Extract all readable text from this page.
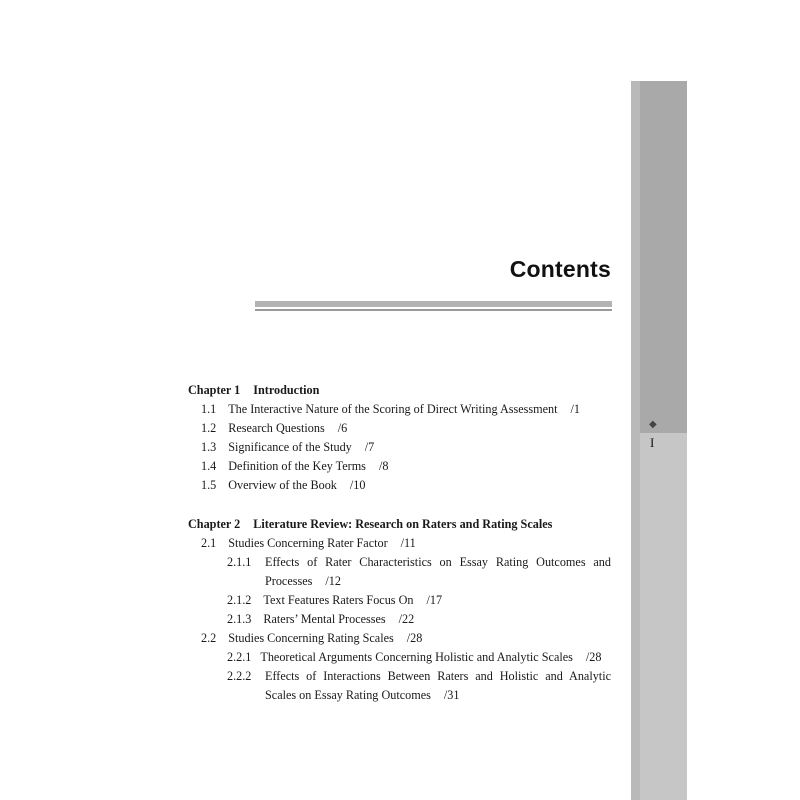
◆
I
Contents
Chapter 1 Introduction
1.1 The Interactive Nature of the Scoring of Direct Writing Assessment /1
1.2 Research Questions /6
1.3 Significance of the Study /7
1.4 Definition of the Key Terms /8
1.5 Overview of the Book /10
Chapter 2 Literature Review: Research on Raters and Rating Scales
2.1 Studies Concerning Rater Factor /11
2.1.1 Effects of Rater Characteristics on Essay Rating Outcomes and
Processes /12
2.1.2 Text Features Raters Focus On /17
2.1.3 Raters’ Mental Processes /22
2.2 Studies Concerning Rating Scales /28
2.2.1 Theoretical Arguments Concerning Holistic and Analytic Scales /28
2.2.2 Effects of Interactions Between Raters and Holistic and Analytic
Scales on Essay Rating Outcomes /31
